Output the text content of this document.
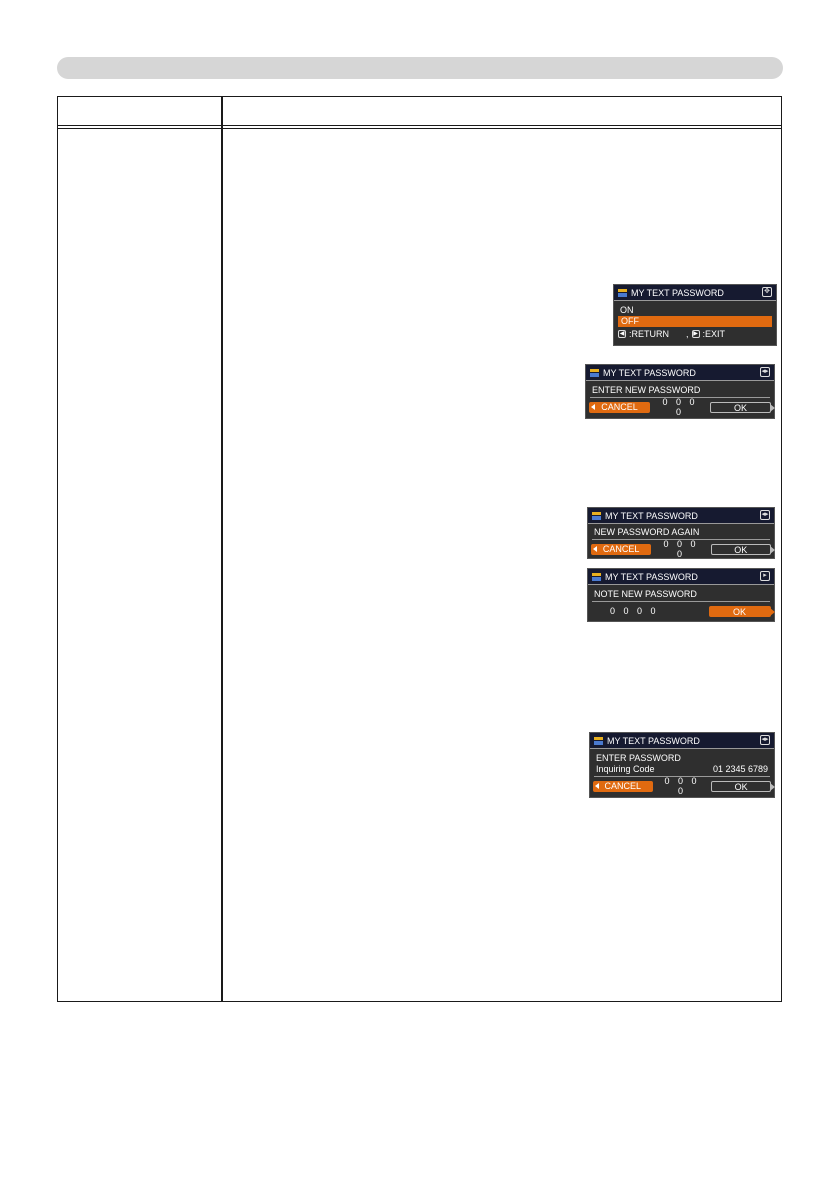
MY TEXT PASSWORD	✥
ON
OFF
◀ :RETURN , ▶ :EXIT
MY TEXT PASSWORD	◂▸
ENTER NEW PASSWORD
CANCEL	0 0 0 0	OK
MY TEXT PASSWORD	◂▸
NEW PASSWORD AGAIN
CANCEL	0 0 0 0	OK
MY TEXT PASSWORD	▸
NOTE NEW PASSWORD
0 0 0 0	OK
MY TEXT PASSWORD	◂▸
ENTER PASSWORD
Inquiring Code	01 2345 6789
CANCEL	0 0 0 0	OK
